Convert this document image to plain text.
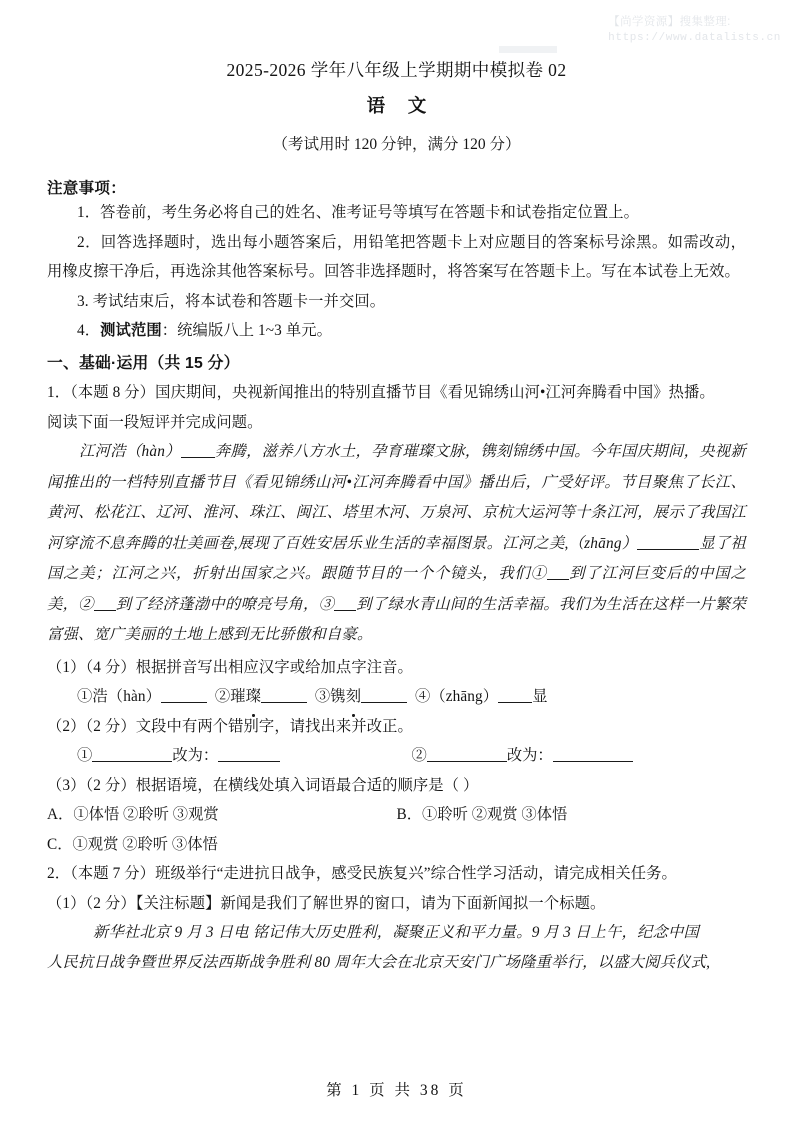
【尚学资源】搜集整理:
https://www.datalists.cn
2025-2026 学年八年级上学期期中模拟卷 02
语 文

（考试用时 120 分钟，满分 120 分）

注意事项：

1．答卷前，考生务必将自己的姓名、准考证号等填写在答题卡和试卷指定位置上。

2．回答选择题时，选出每小题答案后，用铅笔把答题卡上对应题目的答案标号涂黑。如需改动，用橡皮擦干净后，再选涂其他答案标号。回答非选择题时，将答案写在答题卡上。写在本试卷上无效。

3. 考试结束后，将本试卷和答题卡一并交回。

4．测试范围：统编版八上 1~3 单元。

一、基础·运用（共 15 分）

1．（本题 8 分）国庆期间，央视新闻推出的特别直播节目《看见锦绣山河•江河奔腾看中国》热播。

阅读下面一段短评并完成问题。

江河浩（hàn） 奔腾，滋养八方水土，孕育璀璨文脉，镌刻锦绣中国。今年国庆期间，央视新闻推出的一档特别直播节目《看见锦绣山河•江河奔腾看中国》播出后，广受好评。节目聚焦了长江、黄河、松花江、辽河、淮河、珠江、闽江、塔里木河、万泉河、京杭大运河等十条江河，展示了我国江河穿流不息奔腾的壮美画卷,展现了百姓安居乐业生活的幸福图景。江河之美,（zhāng）	显了祖国之美；江河之兴，折射出国家之兴。跟随节目的一个个镜头，我们① 到了江河巨变后的中国之美，② 到了经济蓬渤中的嘹亮号角，③ 到了绿水青山间的生活幸福。我们为生活在这样一片繁荣富强、宽广美丽的土地上感到无比骄傲和自豪。

（1）（4 分）根据拼音写出相应汉字或给加点字注音。

①浩（hàn）	②璀璨	③镌刻	④（zhāng） 显

（2）（2 分）文段中有两个错别字，请找出来并改正。

①	改为：	②	改为：

（3）（2 分）根据语境，在横线处填入词语最合适的顺序是（ ）

A．①体悟 ②聆听 ③观赏	B．①聆听 ②观赏 ③体悟
C．①观赏 ②聆听 ③体悟

2．（本题 7 分）班级举行“走进抗日战争，感受民族复兴”综合性学习活动，请完成相关任务。

（1）（2 分）【关注标题】新闻是我们了解世界的窗口，请为下面新闻拟一个标题。

新华社北京 9 月 3 日电 铭记伟大历史胜利，凝聚正义和平力量。9 月 3 日上午，纪念中国

人民抗日战争暨世界反法西斯战争胜利 80 周年大会在北京天安门广场隆重举行，以盛大阅兵仪式,

第 1 页 共 38 页
